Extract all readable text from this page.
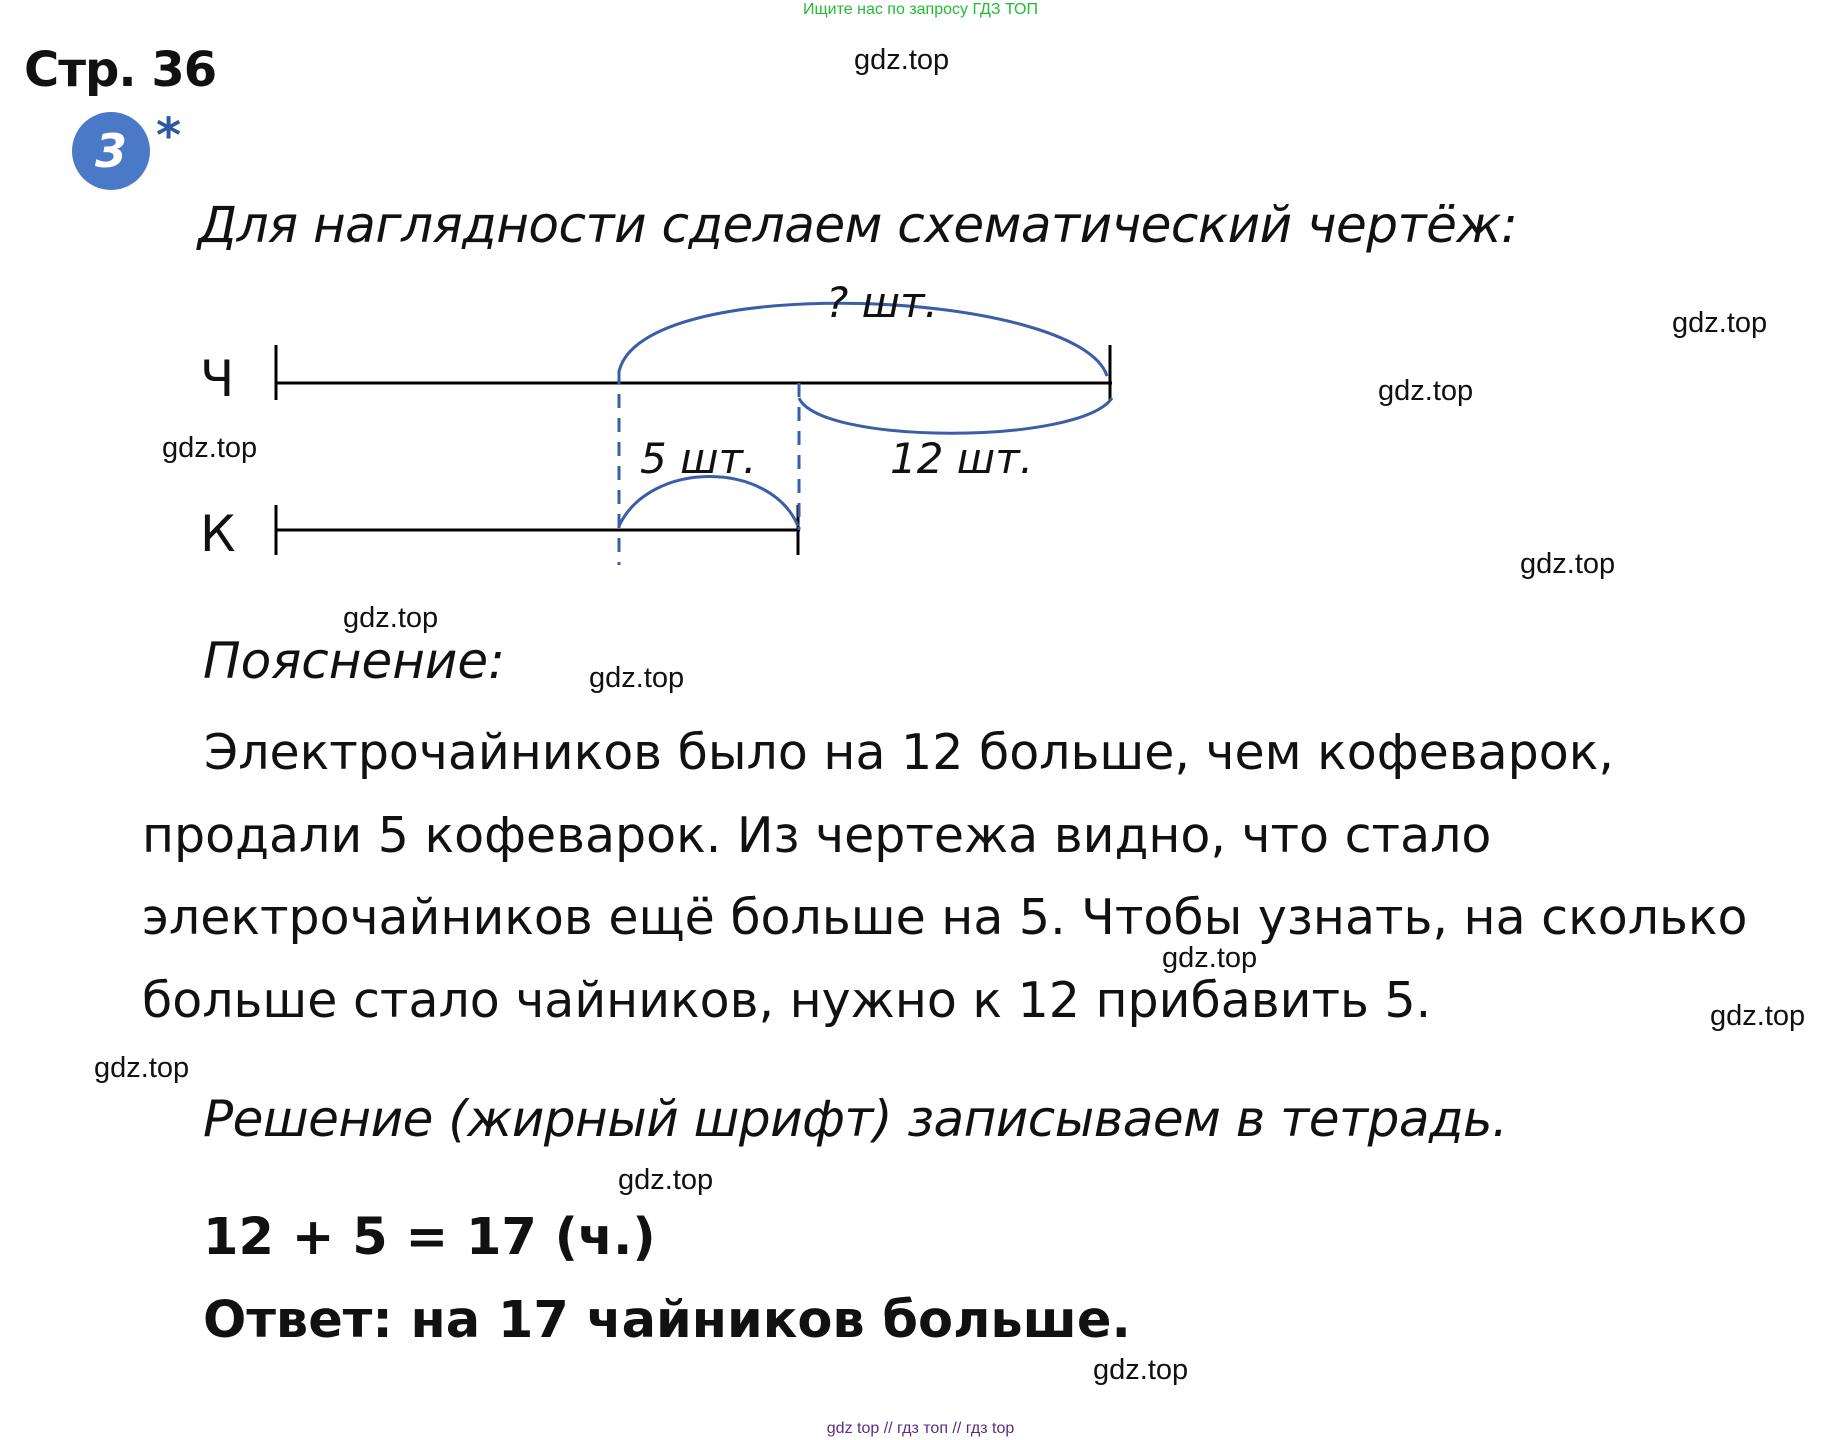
Ищите нас по запросу ГДЗ ТОП
Стр. 36
3 *
Для наглядности сделаем схематический чертёж:
Ч
К
? шт.
5 шт.	12 шт.
Пояснение:

Электрочайников было на 12 больше, чем кофеварок, продали 5 кофеварок. Из чертежа видно, что стало электрочайников ещё больше на 5. Чтобы узнать, на сколько больше стало чайников, нужно к 12 прибавить 5.

Решение (жирный шрифт) записываем в тетрадь.
12 + 5 = 17 (ч.)
Ответ: на 17 чайников больше.
gdz.top
gdz.top
gdz.top
gdz.top
gdz.top
gdz.top
gdz.top
gdz.top
gdz.top
gdz.top
gdz.top
gdz.top
gdz top // гдз топ // гдз top
